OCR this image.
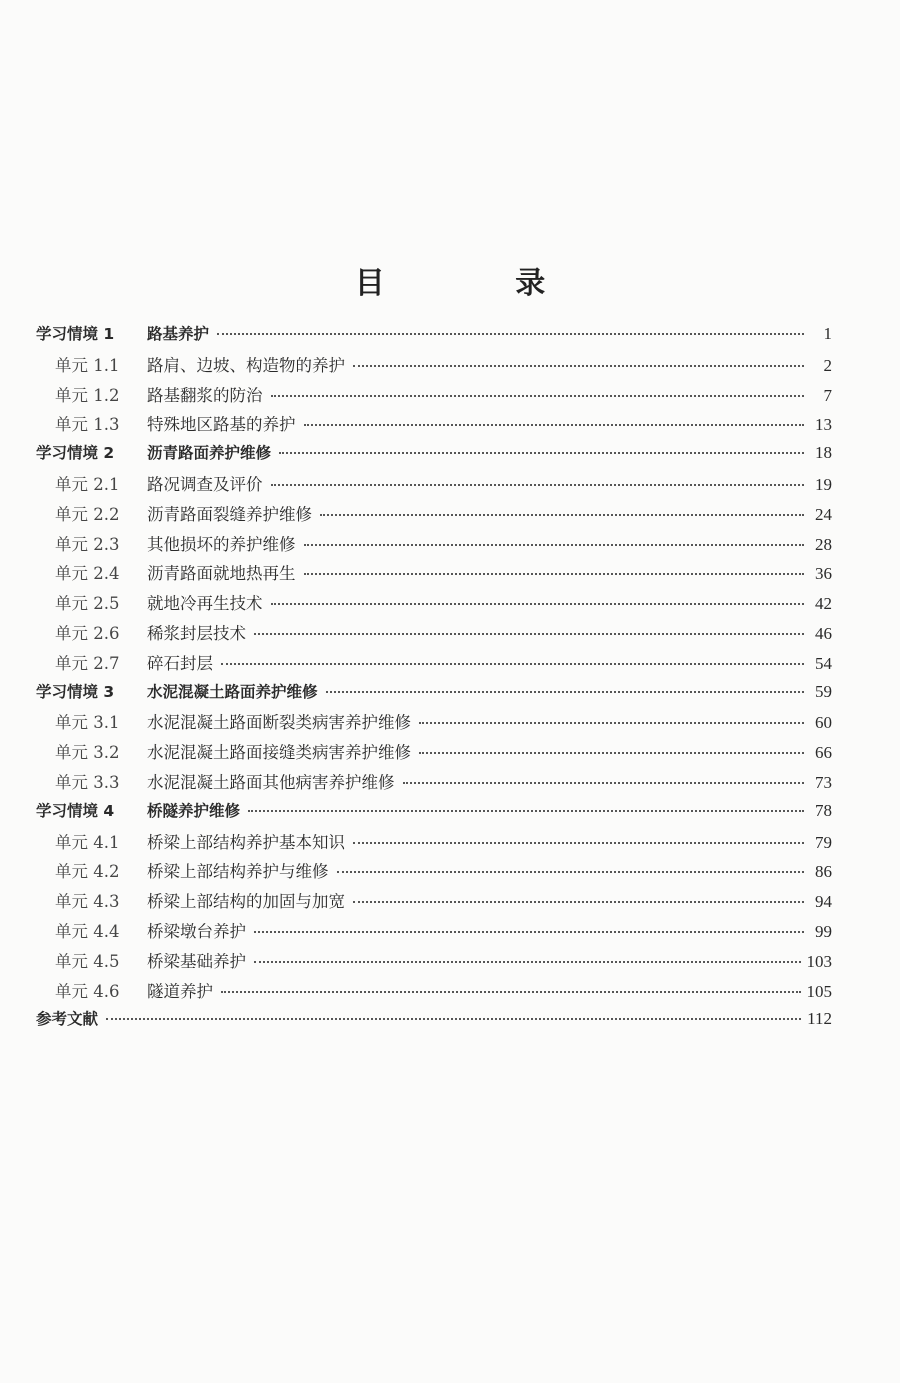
目 录
学习情境 1	路基养护	1
单元 1.1	路肩、边坡、构造物的养护	2
单元 1.2	路基翻浆的防治	7
单元 1.3	特殊地区路基的养护	13
学习情境 2	沥青路面养护维修	18
单元 2.1	路况调查及评价	19
单元 2.2	沥青路面裂缝养护维修	24
单元 2.3	其他损坏的养护维修	28
单元 2.4	沥青路面就地热再生	36
单元 2.5	就地冷再生技术	42
单元 2.6	稀浆封层技术	46
单元 2.7	碎石封层	54
学习情境 3	水泥混凝土路面养护维修	59
单元 3.1	水泥混凝土路面断裂类病害养护维修	60
单元 3.2	水泥混凝土路面接缝类病害养护维修	66
单元 3.3	水泥混凝土路面其他病害养护维修	73
学习情境 4	桥隧养护维修	78
单元 4.1	桥梁上部结构养护基本知识	79
单元 4.2	桥梁上部结构养护与维修	86
单元 4.3	桥梁上部结构的加固与加宽	94
单元 4.4	桥梁墩台养护	99
单元 4.5	桥梁基础养护	103
单元 4.6	隧道养护	105
参考文献	112
